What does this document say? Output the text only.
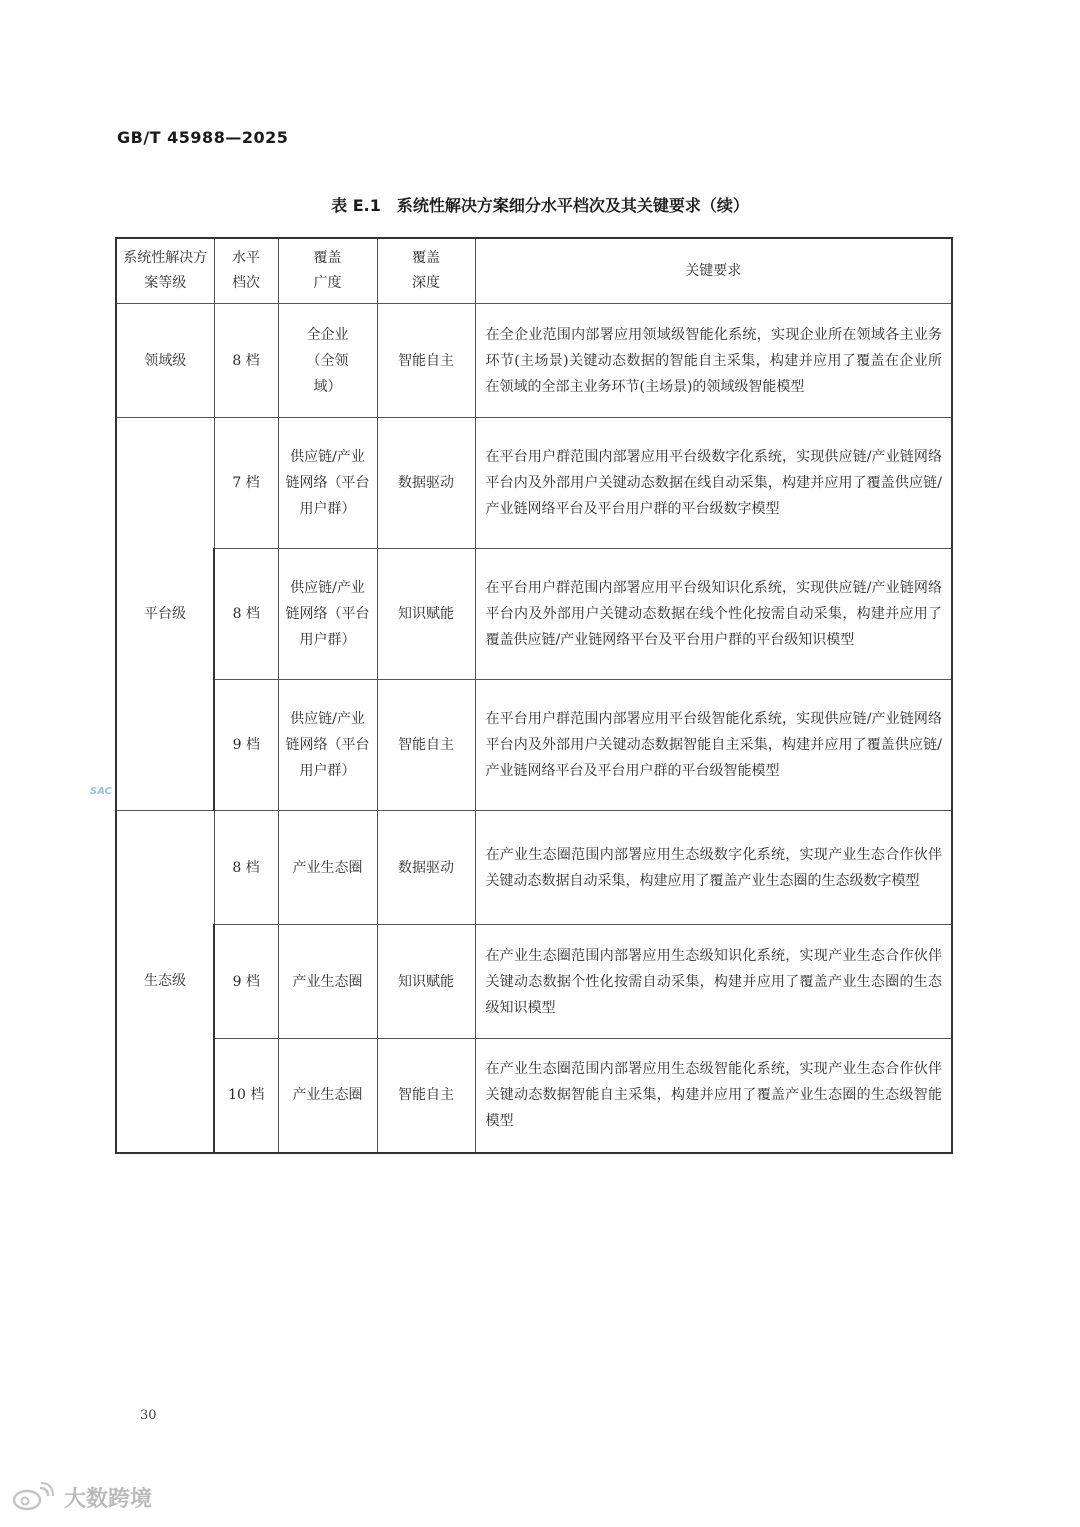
GB/T 45988—2025
表 E.1　系统性解决方案细分水平档次及其关键要求（续）
系统性解决方案等级	水平档次	覆盖广度	覆盖深度	关键要求
领域级	8 档	全企业（全领域）	智能自主	在全企业范围内部署应用领域级智能化系统，实现企业所在领域各主业务环节(主场景)关键动态数据的智能自主采集，构建并应用了覆盖在企业所在领域的全部主业务环节(主场景)的领域级智能模型
平台级	7 档	供应链/产业链网络（平台用户群）	数据驱动	在平台用户群范围内部署应用平台级数字化系统，实现供应链/产业链网络平台内及外部用户关键动态数据在线自动采集，构建并应用了覆盖供应链/产业链网络平台及平台用户群的平台级数字模型
	8 档	供应链/产业链网络（平台用户群）	知识赋能	在平台用户群范围内部署应用平台级知识化系统，实现供应链/产业链网络平台内及外部用户关键动态数据在线个性化按需自动采集，构建并应用了覆盖供应链/产业链网络平台及平台用户群的平台级知识模型
	9 档	供应链/产业链网络（平台用户群）	智能自主	在平台用户群范围内部署应用平台级智能化系统，实现供应链/产业链网络平台内及外部用户关键动态数据智能自主采集，构建并应用了覆盖供应链/产业链网络平台及平台用户群的平台级智能模型
生态级	8 档	产业生态圈	数据驱动	在产业生态圈范围内部署应用生态级数字化系统，实现产业生态合作伙伴关键动态数据自动采集，构建应用了覆盖产业生态圈的生态级数字模型
	9 档	产业生态圈	知识赋能	在产业生态圈范围内部署应用生态级知识化系统，实现产业生态合作伙伴关键动态数据个性化按需自动采集，构建并应用了覆盖产业生态圈的生态级知识模型
	10 档	产业生态圈	智能自主	在产业生态圈范围内部署应用生态级智能化系统，实现产业生态合作伙伴关键动态数据智能自主采集，构建并应用了覆盖产业生态圈的生态级智能模型
SAC
30
大数跨境
